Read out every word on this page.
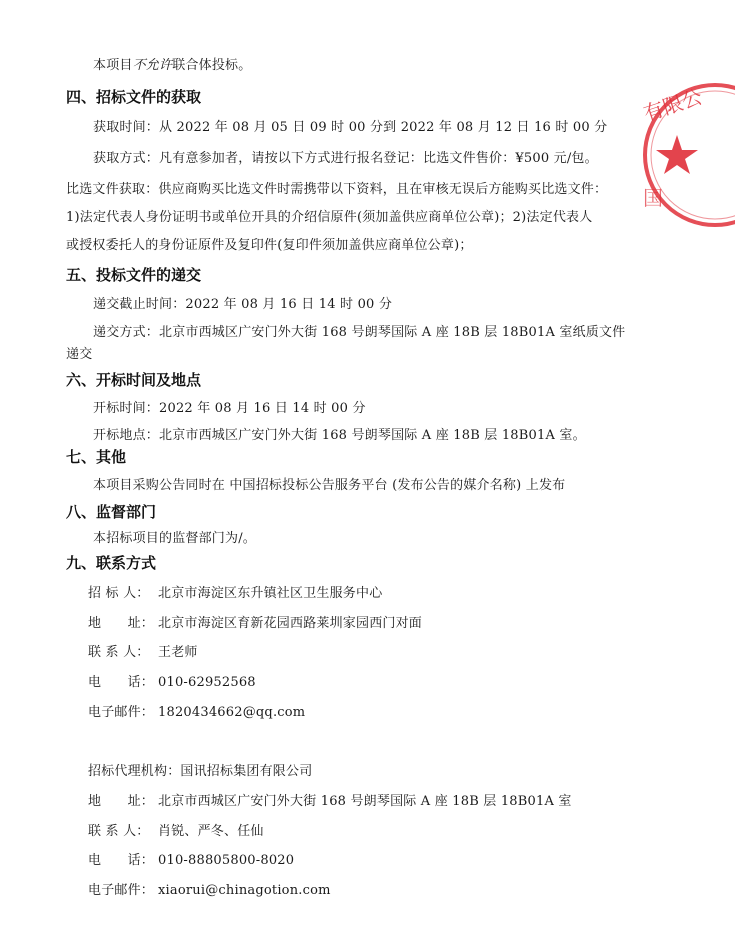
本项目不允许联合体投标。
四、招标文件的获取
获取时间：从 2022 年 08 月 05 日 09 时 00 分到 2022 年 08 月 12 日 16 时 00 分
获取方式：凡有意参加者，请按以下方式进行报名登记：比选文件售价：¥500 元/包。
比选文件获取：供应商购买比选文件时需携带以下资料，且在审核无误后方能购买比选文件：
1)法定代表人身份证明书或单位开具的介绍信原件(须加盖供应商单位公章)；2)法定代表人
或授权委托人的身份证原件及复印件(复印件须加盖供应商单位公章)；
五、投标文件的递交
递交截止时间：2022 年 08 月 16 日 14 时 00 分
递交方式：北京市西城区广安门外大街 168 号朗琴国际 A 座 18B 层 18B01A 室纸质文件
递交
六、开标时间及地点
开标时间：2022 年 08 月 16 日 14 时 00 分
开标地点：北京市西城区广安门外大街 168 号朗琴国际 A 座 18B 层 18B01A 室。
七、其他
本项目采购公告同时在 中国招标投标公告服务平台 (发布公告的媒介名称) 上发布
八、监督部门
本招标项目的监督部门为/。
九、联系方式
招 标 人： 北京市海淀区东升镇社区卫生服务中心
地　　址： 北京市海淀区育新花园西路莱圳家园西门对面
联 系 人： 王老师
电　　话： 010-62952568
电子邮件： 1820434662@qq.com
招标代理机构：国讯招标集团有限公司
地　　址： 北京市西城区广安门外大街 168 号朗琴国际 A 座 18B 层 18B01A 室
联 系 人： 肖锐、严冬、任仙
电　　话： 010-88805800-8020
电子邮件： xiaorui@chinagotion.com
有限公
国
